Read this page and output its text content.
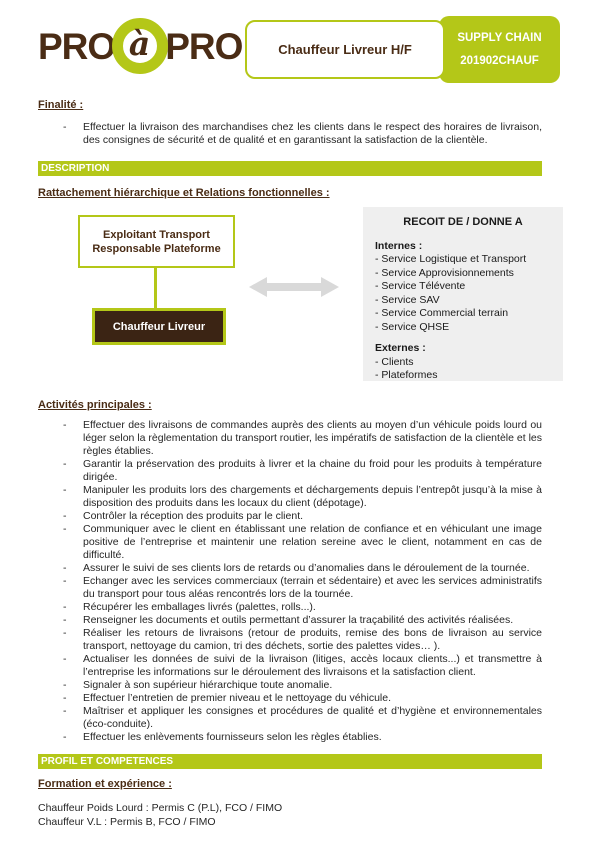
PRO à PRO	Chauffeur Livreur H/F
SUPPLY CHAIN
201902CHAUF
Finalité :
- Effectuer la livraison des marchandises chez les clients dans le respect des horaires de livraison, des consignes de sécurité et de qualité et en garantissant la satisfaction de la clientèle.
DESCRIPTION
Rattachement hiérarchique et Relations fonctionnelles :
Exploitant Transport
Responsable Plateforme
Chauffeur Livreur
RECOIT DE / DONNE A
Internes :
- Service Logistique et Transport
- Service Approvisionnements
- Service Télévente
- Service SAV
- Service Commercial terrain
- Service QHSE
Externes :
- Clients
- Plateformes
Activités principales :
- Effectuer des livraisons de commandes auprès des clients au moyen d’un véhicule poids lourd ou léger selon la règlementation du transport routier, les impératifs de satisfaction de la clientèle et les règles établies.
- Garantir la préservation des produits à livrer et la chaine du froid pour les produits à température dirigée.
- Manipuler les produits lors des chargements et déchargements depuis l’entrepôt jusqu’à la mise à disposition des produits dans les locaux du client (dépotage).
- Contrôler la réception des produits par le client.
- Communiquer avec le client en établissant une relation de confiance et en véhiculant une image positive de l’entreprise et maintenir une relation sereine avec le client, notamment en cas de difficulté.
- Assurer le suivi de ses clients lors de retards ou d’anomalies dans le déroulement de la tournée.
- Echanger avec les services commerciaux (terrain et sédentaire) et avec les services administratifs du transport pour tous aléas rencontrés lors de la tournée.
- Récupérer les emballages livrés (palettes, rolls...).
- Renseigner les documents et outils permettant d’assurer la traçabilité des activités réalisées.
- Réaliser les retours de livraisons (retour de produits, remise des bons de livraison au service transport, nettoyage du camion, tri des déchets, sortie des palettes vides… ).
- Actualiser les données de suivi de la livraison (litiges, accès locaux clients...) et transmettre à l’entreprise les informations sur le déroulement des livraisons et la satisfaction client.
- Signaler à son supérieur hiérarchique toute anomalie.
- Effectuer l’entretien de premier niveau et le nettoyage du véhicule.
- Maîtriser et appliquer les consignes et procédures de qualité et d’hygiène et environnementales (éco-conduite).
- Effectuer les enlèvements fournisseurs selon les règles établies.
PROFIL ET COMPETENCES
Formation et expérience :
Chauffeur Poids Lourd : Permis C (P.L), FCO / FIMO
Chauffeur V.L : Permis B, FCO / FIMO
